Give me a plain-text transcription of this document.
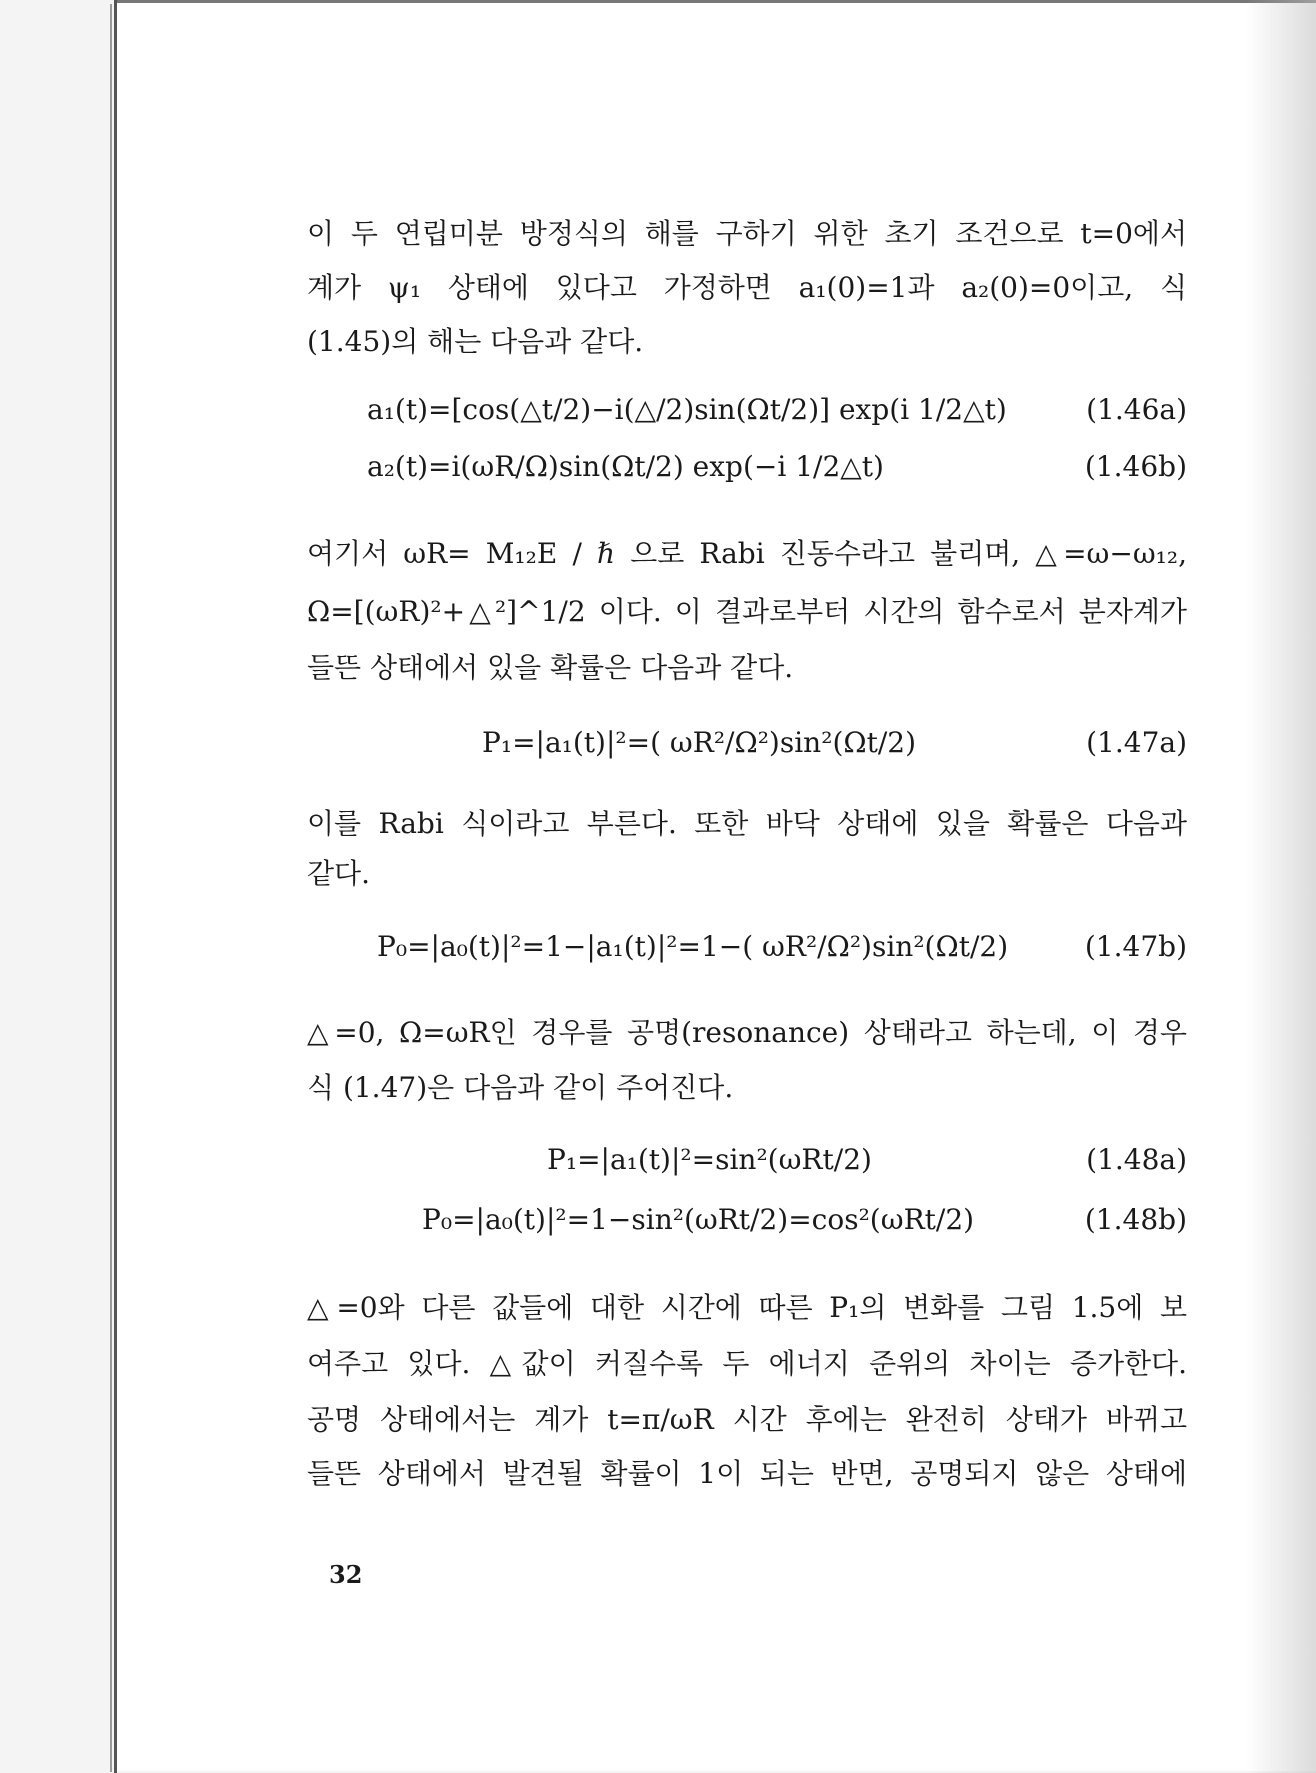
이 두 연립미분 방정식의 해를 구하기 위한 초기 조건으로 t=0에서
계가 ψ₁ 상태에 있다고 가정하면 a₁(0)=1과 a₂(0)=0이고, 식
(1.45)의 해는 다음과 같다.
a₁(t)=[cos(△t/2)−i(△/2)sin(Ωt/2)] exp(i 1/2△t)	(1.46a)
a₂(t)=i(ωR/Ω)sin(Ωt/2) exp(−i 1/2△t)	(1.46b)
여기서 ωR= M₁₂E / ℏ 으로 Rabi 진동수라고 불리며, △=ω−ω₁₂,
Ω=[(ωR)²+△²]^1/2 이다. 이 결과로부터 시간의 함수로서 분자계가
들뜬 상태에서 있을 확률은 다음과 같다.
P₁=|a₁(t)|²=( ωR²/Ω²)sin²(Ωt/2)	(1.47a)
이를 Rabi 식이라고 부른다. 또한 바닥 상태에 있을 확률은 다음과
같다.
P₀=|a₀(t)|²=1−|a₁(t)|²=1−( ωR²/Ω²)sin²(Ωt/2)	(1.47b)
△=0, Ω=ωR인 경우를 공명(resonance) 상태라고 하는데, 이 경우
식 (1.47)은 다음과 같이 주어진다.
P₁=|a₁(t)|²=sin²(ωRt/2)	(1.48a)
P₀=|a₀(t)|²=1−sin²(ωRt/2)=cos²(ωRt/2)	(1.48b)
△=0와 다른 값들에 대한 시간에 따른 P₁의 변화를 그림 1.5에 보
여주고 있다. △값이 커질수록 두 에너지 준위의 차이는 증가한다.
공명 상태에서는 계가 t=π/ωR 시간 후에는 완전히 상태가 바뀌고
들뜬 상태에서 발견될 확률이 1이 되는 반면, 공명되지 않은 상태에
32
